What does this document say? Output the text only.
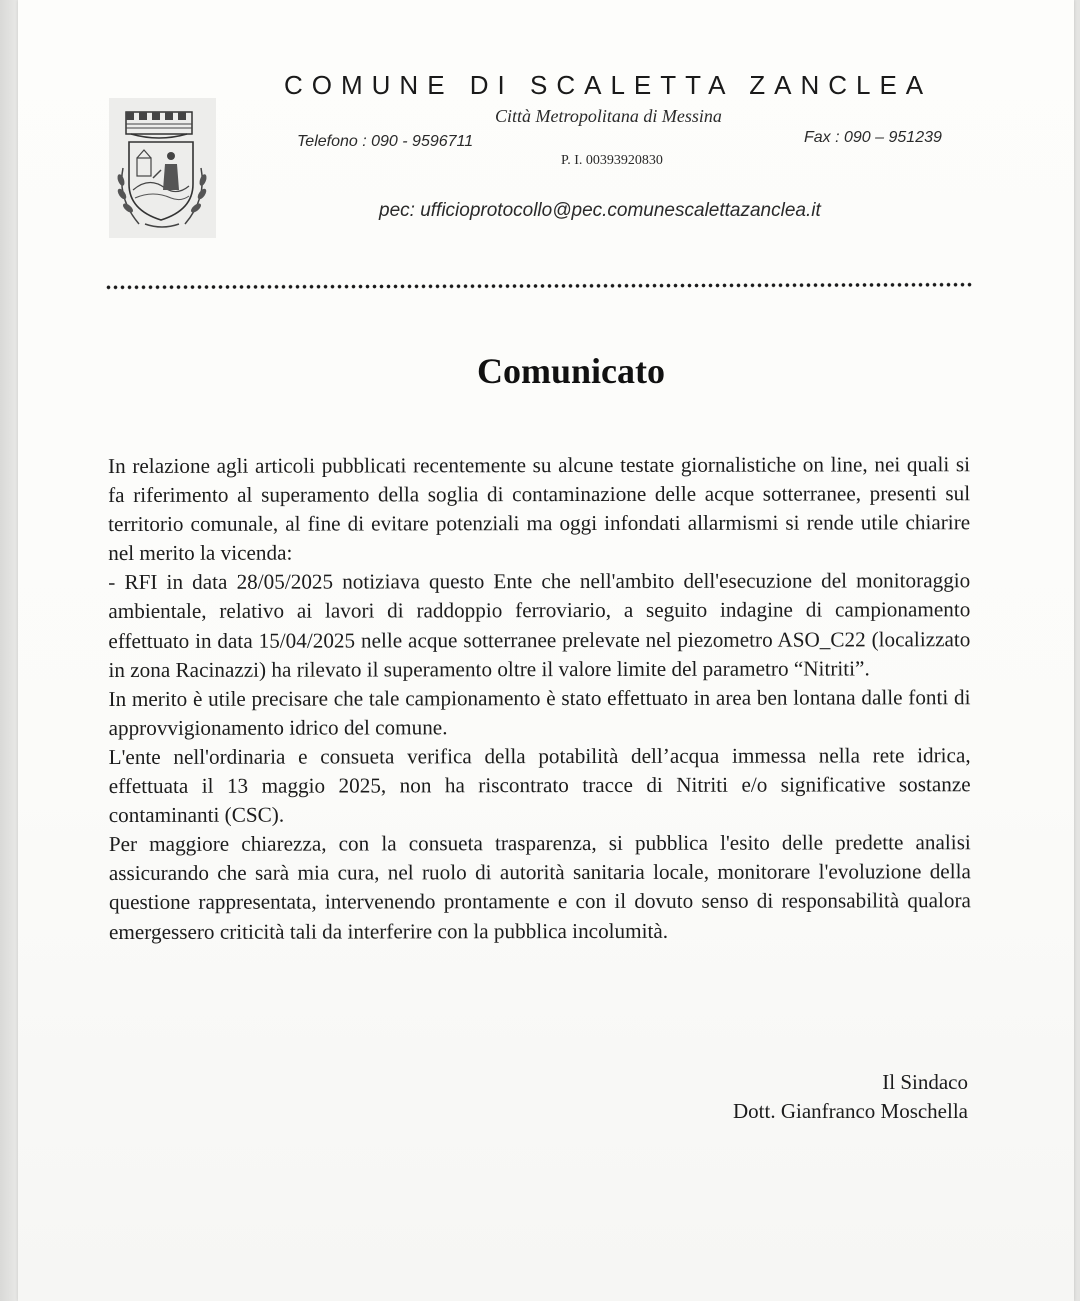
COMUNE DI SCALETTA ZANCLEA
Città Metropolitana di Messina
Telefono : 090 - 9596711	Fax : 090 – 951239
P. I. 00393920830
pec: ufficioprotocollo@pec.comunescalettazanclea.it
Comunicato

In relazione agli articoli pubblicati recentemente su alcune testate giornalistiche on line, nei quali si fa riferimento al superamento della soglia di contaminazione delle acque sotterranee, presenti sul territorio comunale, al fine di evitare potenziali ma oggi infondati allarmismi si rende utile chiarire nel merito la vicenda:

- RFI in data 28/05/2025 notiziava questo Ente che nell'ambito dell'esecuzione del monitoraggio ambientale, relativo ai lavori di raddoppio ferroviario, a seguito indagine di campionamento effettuato in data 15/04/2025 nelle acque sotterranee prelevate nel piezometro ASO_C22 (localizzato in zona Racinazzi) ha rilevato il superamento oltre il valore limite del parametro “Nitriti”.

In merito è utile precisare che tale campionamento è stato effettuato in area ben lontana dalle fonti di approvvigionamento idrico del comune.

L'ente nell'ordinaria e consueta verifica della potabilità dell’acqua immessa nella rete idrica, effettuata il 13 maggio 2025, non ha riscontrato tracce di Nitriti e/o significative sostanze contaminanti (CSC).

Per maggiore chiarezza, con la consueta trasparenza, si pubblica l'esito delle predette analisi assicurando che sarà mia cura, nel ruolo di autorità sanitaria locale, monitorare l'evoluzione della questione rappresentata, intervenendo prontamente e con il dovuto senso di responsabilità qualora emergessero criticità tali da interferire con la pubblica incolumità.

Il Sindaco
Dott. Gianfranco Moschella
